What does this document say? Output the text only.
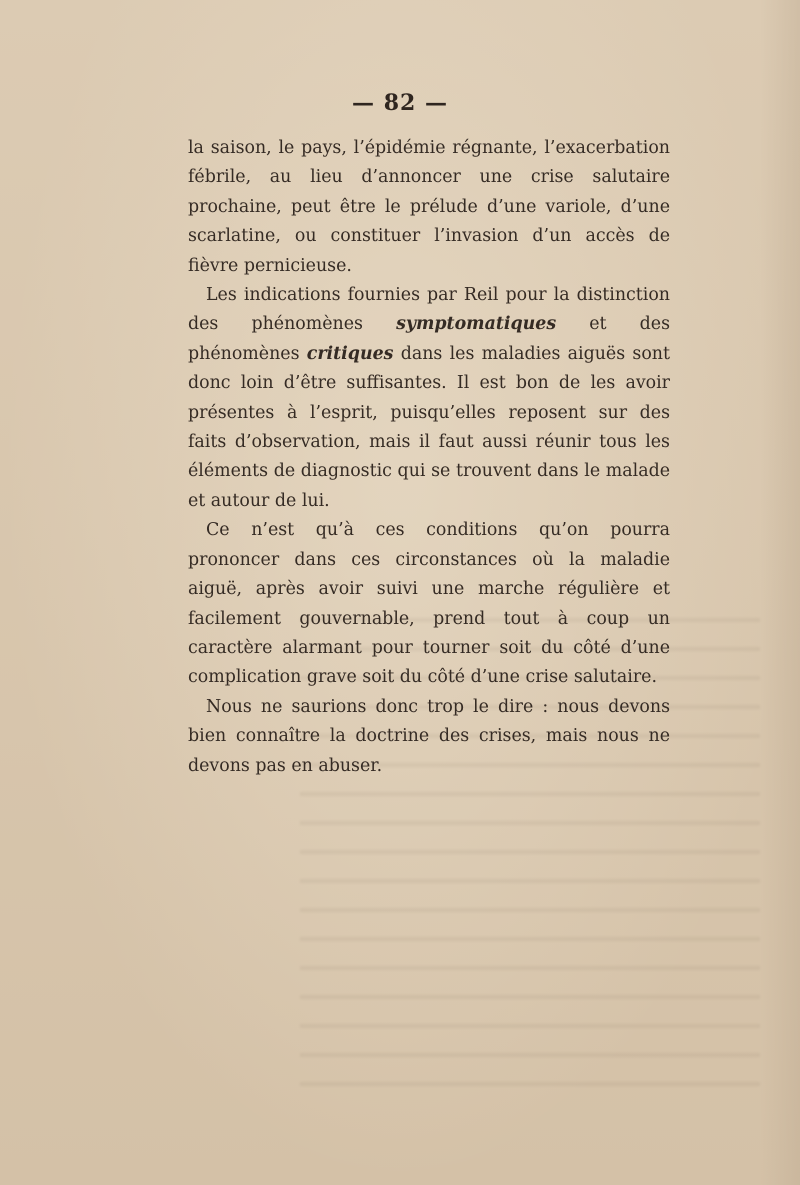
— 82 —

la saison, le pays, l’épidémie régnante, l’exacerbation fébrile, au lieu d’annoncer une crise salutaire prochaine, peut être le prélude d’une variole, d’une scarlatine, ou constituer l’invasion d’un accès de fièvre pernicieuse.

Les indications fournies par Reil pour la distinction des phénomènes symptomatiques et des phénomènes critiques dans les maladies aiguës sont donc loin d’être suffisantes. Il est bon de les avoir présentes à l’esprit, puisqu’elles reposent sur des faits d’observation, mais il faut aussi réunir tous les éléments de diagnostic qui se trouvent dans le malade et autour de lui.

Ce n’est qu’à ces conditions qu’on pourra prononcer dans ces circonstances où la maladie aiguë, après avoir suivi une marche régulière et facilement gouvernable, prend tout à coup un caractère alarmant pour tourner soit du côté d’une complication grave soit du côté d’une crise salutaire.

Nous ne saurions donc trop le dire : nous devons bien connaître la doctrine des crises, mais nous ne devons pas en abuser.
